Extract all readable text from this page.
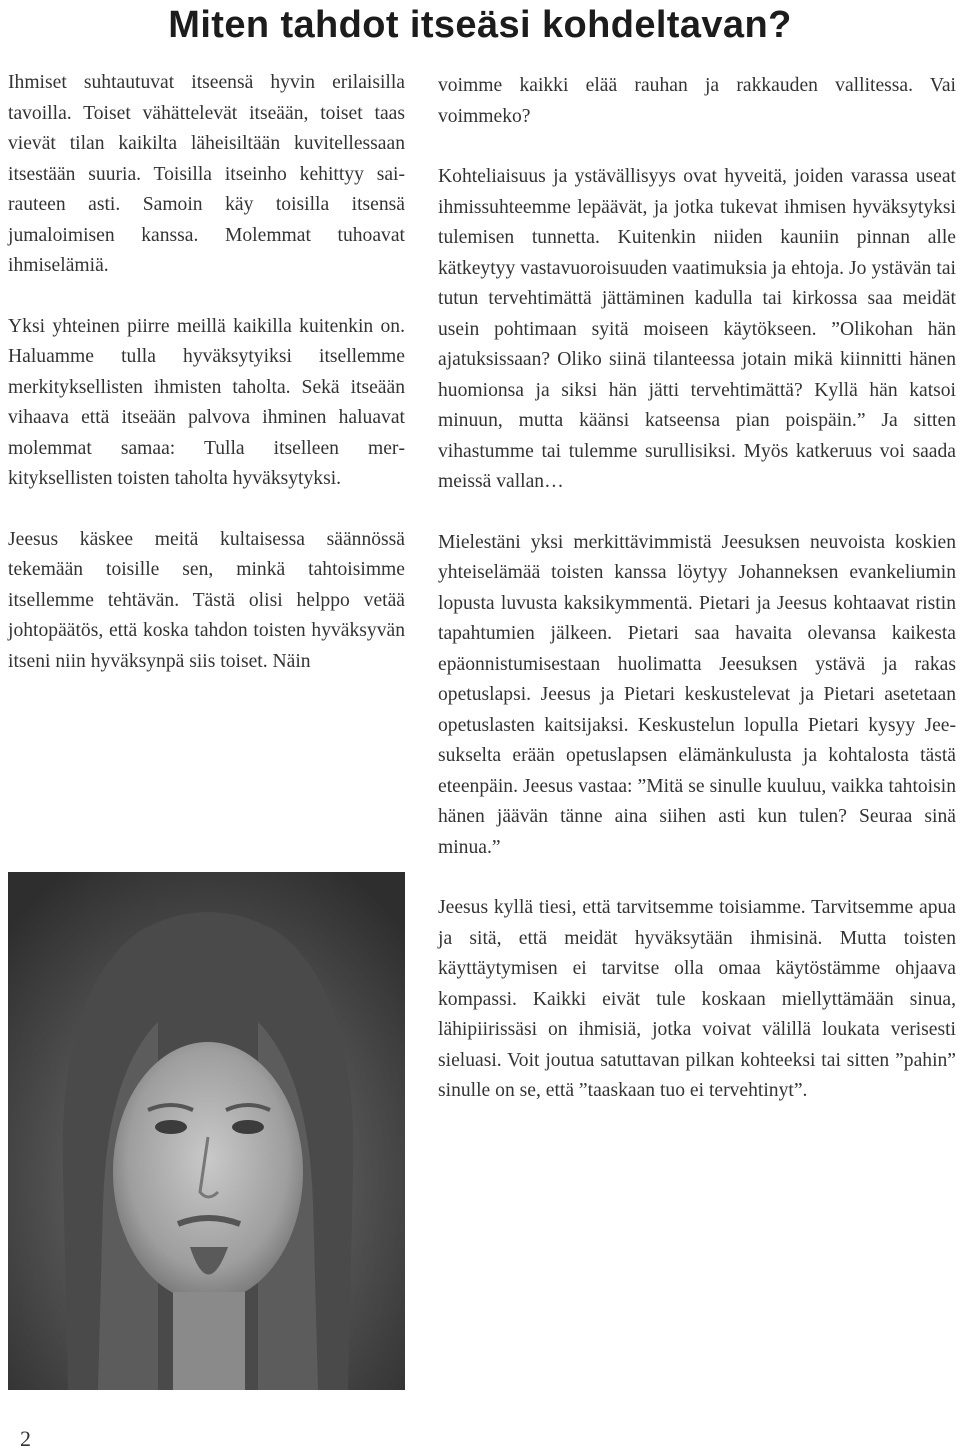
Miten tahdot itseäsi kohdeltavan?

Ihmiset suhtautuvat itseensä hyvin erilaisilla tavoilla. Toiset vähättelevät itseään, toiset taas vievät tilan kaikilta läheisiltään kuvitellessaan itsestään suuria. Toisilla itseinho kehittyy sairauteen asti. Samoin käy toisilla itsensä jumaloimisen kanssa. Molemmat tuhoavat ihmiselämiä.

Yksi yhteinen piirre meillä kaikilla kuitenkin on. Haluamme tulla hyväksytyiksi itsellemme merkityksellisten ihmisten taholta. Sekä itseään vihaava että itseään palvova ihminen haluavat molemmat samaa: Tulla itselleen merkityksellisten toisten taholta hyväksytyksi.

Jeesus käskee meitä kultaisessa säännössä tekemään toisille sen, minkä tahtoisimme itsellemme tehtävän. Tästä olisi helppo vetää johtopäätös, että koska tahdon toisten hyväksyvän itseni niin hyväksynpä siis toiset. Näin

voimme kaikki elää rauhan ja rakkauden vallitessa. Vai voimmeko?

Kohteliaisuus ja ystävällisyys ovat hyveitä, joiden varassa useat ihmissuhteemme lepäävät, ja jotka tukevat ihmisen hyväksytyksi tulemisen tunnetta. Kuitenkin niiden kauniin pinnan alle kätkeytyy vastavuoroisuuden vaatimuksia ja ehtoja. Jo ystävän tai tutun tervehtimättä jättäminen kadulla tai kirkossa saa meidät usein pohtimaan syitä moiseen käytökseen. ”Olikohan hän ajatuksissaan? Oliko siinä tilanteessa jotain mikä kiinnitti hänen huomionsa ja siksi hän jätti tervehtimättä? Kyllä hän katsoi minuun, mutta käänsi katseensa pian poispäin.” Ja sitten vihastumme tai tulemme surullisiksi. Myös katkeruus voi saada meissä vallan…

Mielestäni yksi merkittävimmistä Jeesuksen neuvoista koskien yhteiselämää toisten kanssa löytyy Johanneksen evankeliumin lopusta luvusta kaksikymmentä. Pietari ja Jeesus kohtaavat ristin tapahtumien jälkeen. Pietari saa havaita olevansa kaikesta epäonnistumisestaan huolimatta Jeesuksen ystävä ja rakas opetuslapsi. Jeesus ja Pietari keskustelevat ja Pietari asetetaan opetuslasten kaitsijaksi. Keskustelun lopulla Pietari kysyy Jeesukselta erään opetuslapsen elämänkulusta ja kohtalosta tästä eteenpäin. Jeesus vastaa: ”Mitä se sinulle kuuluu, vaikka tahtoisin hänen jäävän tänne aina siihen asti kun tulen? Seuraa sinä minua.”

Jeesus kyllä tiesi, että tarvitsemme toisiamme. Tarvitsemme apua ja sitä, että meidät hyväksytään ihmisinä. Mutta toisten käyttäytymisen ei tarvitse olla omaa käytöstämme ohjaava kompassi. Kaikki eivät tule koskaan miellyttämään sinua, lähipiirissäsi on ihmisiä, jotka voivat välillä loukata verisesti sieluasi. Voit joutua satuttavan pilkan kohteeksi tai sitten ”pahin” sinulle on se, että ”taaskaan tuo ei tervehtinyt”.

2
